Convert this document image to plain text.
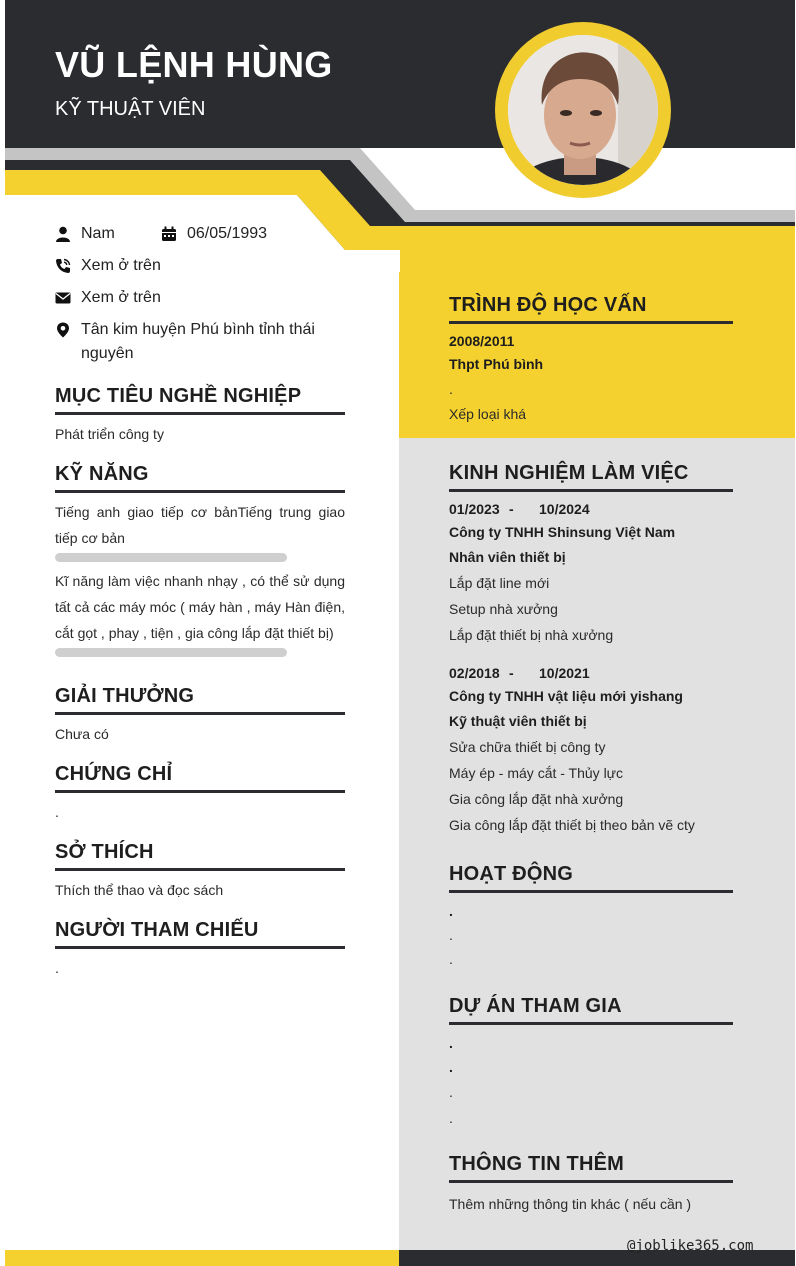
VŨ LỆNH HÙNG
KỸ THUẬT VIÊN
Nam	06/05/1993
Xem ở trên
Xem ở trên
Tân kim huyện Phú bình tỉnh thái nguyên
MỤC TIÊU NGHỀ NGHIỆP

Phát triển công ty

KỸ NĂNG

Tiếng anh giao tiếp cơ bảnTiếng trung giao tiếp cơ bản

Kĩ năng làm việc nhanh nhạy , có thể sử dụng tất cả các máy móc ( máy hàn , máy Hàn điện, cắt gọt , phay , tiện , gia công lắp đặt thiết bị)

GIẢI THƯỞNG

Chưa có

CHỨNG CHỈ

.

SỞ THÍCH

Thích thể thao và đọc sách

NGƯỜI THAM CHIẾU

.

TRÌNH ĐỘ HỌC VẤN

2008/2011

Thpt Phú bình

.

Xếp loại khá

KINH NGHIỆM LÀM VIỆC
01/2023 -	10/2024

Công ty TNHH Shinsung Việt Nam

Nhân viên thiết bị

Lắp đặt line mới

Setup nhà xưởng

Lắp đặt thiết bị nhà xưởng

02/2018 -	10/2021

Công ty TNHH vật liệu mới yishang

Kỹ thuật viên thiết bị

Sửa chữa thiết bị công ty

Máy ép - máy cắt - Thủy lực

Gia công lắp đặt nhà xưởng

Gia công lắp đặt thiết bị theo bản vẽ cty

HOẠT ĐỘNG

.

.

.

DỰ ÁN THAM GIA

.

.

.

.

THÔNG TIN THÊM

Thêm những thông tin khác ( nếu cần )

@joblike365.com
